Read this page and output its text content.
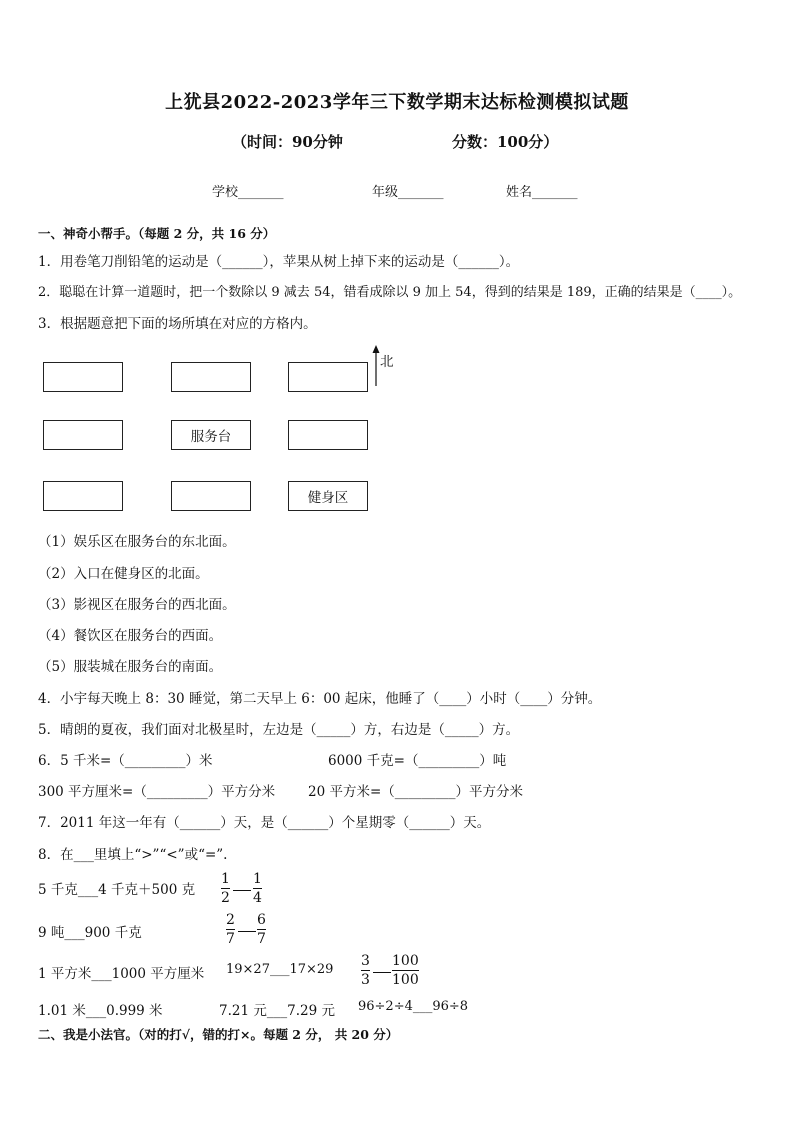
上犹县2022-2023学年三下数学期末达标检测模拟试题
（时间：90分钟	分数：100分）
学校_______	年级_______	姓名_______
一、神奇小帮手。（每题 2 分，共 16 分）
1．用卷笔刀削铅笔的运动是（______），苹果从树上掉下来的运动是（______）。
2．聪聪在计算一道题时，把一个数除以 9 减去 54，错看成除以 9 加上 54，得到的结果是 189，正确的结果是（____）。
3．根据题意把下面的场所填在对应的方格内。
服务台
健身区
北
（1）娱乐区在服务台的东北面。
（2）入口在健身区的北面。
（3）影视区在服务台的西北面。
（4）餐饮区在服务台的西面。
（5）服装城在服务台的南面。
4．小宇每天晚上 8：30 睡觉，第二天早上 6：00 起床，他睡了（____）小时（____）分钟。
5．晴朗的夏夜，我们面对北极星时，左边是（_____）方，右边是（_____）方。
6．5 千米=（_________）米	6000 千克=（_________）吨
300 平方厘米=（_________）平方分米 20 平方米=（_________）平方分米
7．2011 年这一年有（______）天，是（______）个星期零（______）天。
8．在___里填上“>”“<”或“=”.
5 千克___4 千克＋500 克
1
2
1
4
9 吨___900 千克
2
7
6
7
1 平方米___1000 平方厘米 19×27___17×29
3
3
100
100
1.01 米___0.999 米	7.21 元___7.29 元 96÷2÷4___96÷8
二、我是小法官。（对的打√，错的打×。每题 2 分， 共 20 分）
